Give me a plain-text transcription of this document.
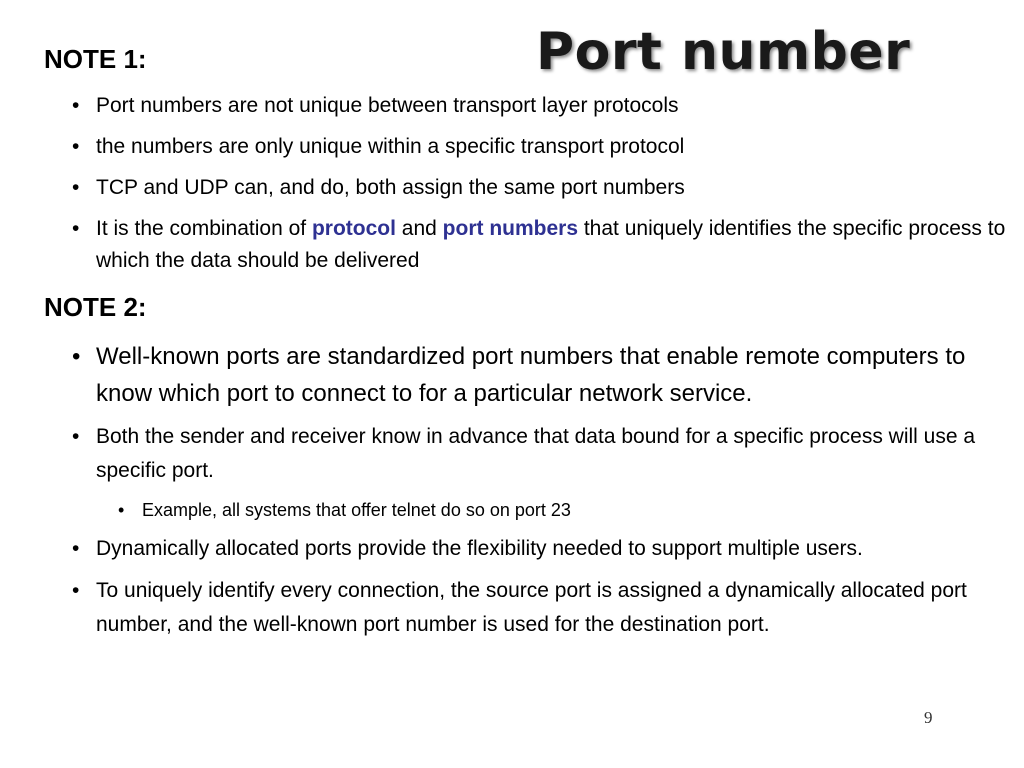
Port number
NOTE 1:
• Port numbers are not unique between transport layer protocols
• the numbers are only unique within a specific transport protocol
• TCP and UDP can, and do, both assign the same port numbers
• It is the combination of protocol and port numbers that uniquely identifies the specific process to which the data should be delivered
NOTE 2:
• Well-known ports are standardized port numbers that enable remote computers to know which port to connect to for a particular network service.
• Both the sender and receiver know in advance that data bound for a specific process will use a specific port.
• Example, all systems that offer telnet do so on port 23
• Dynamically allocated ports provide the flexibility needed to support multiple users.
• To uniquely identify every connection, the source port is assigned a dynamically allocated port number, and the well-known port number is used for the destination port.
9
